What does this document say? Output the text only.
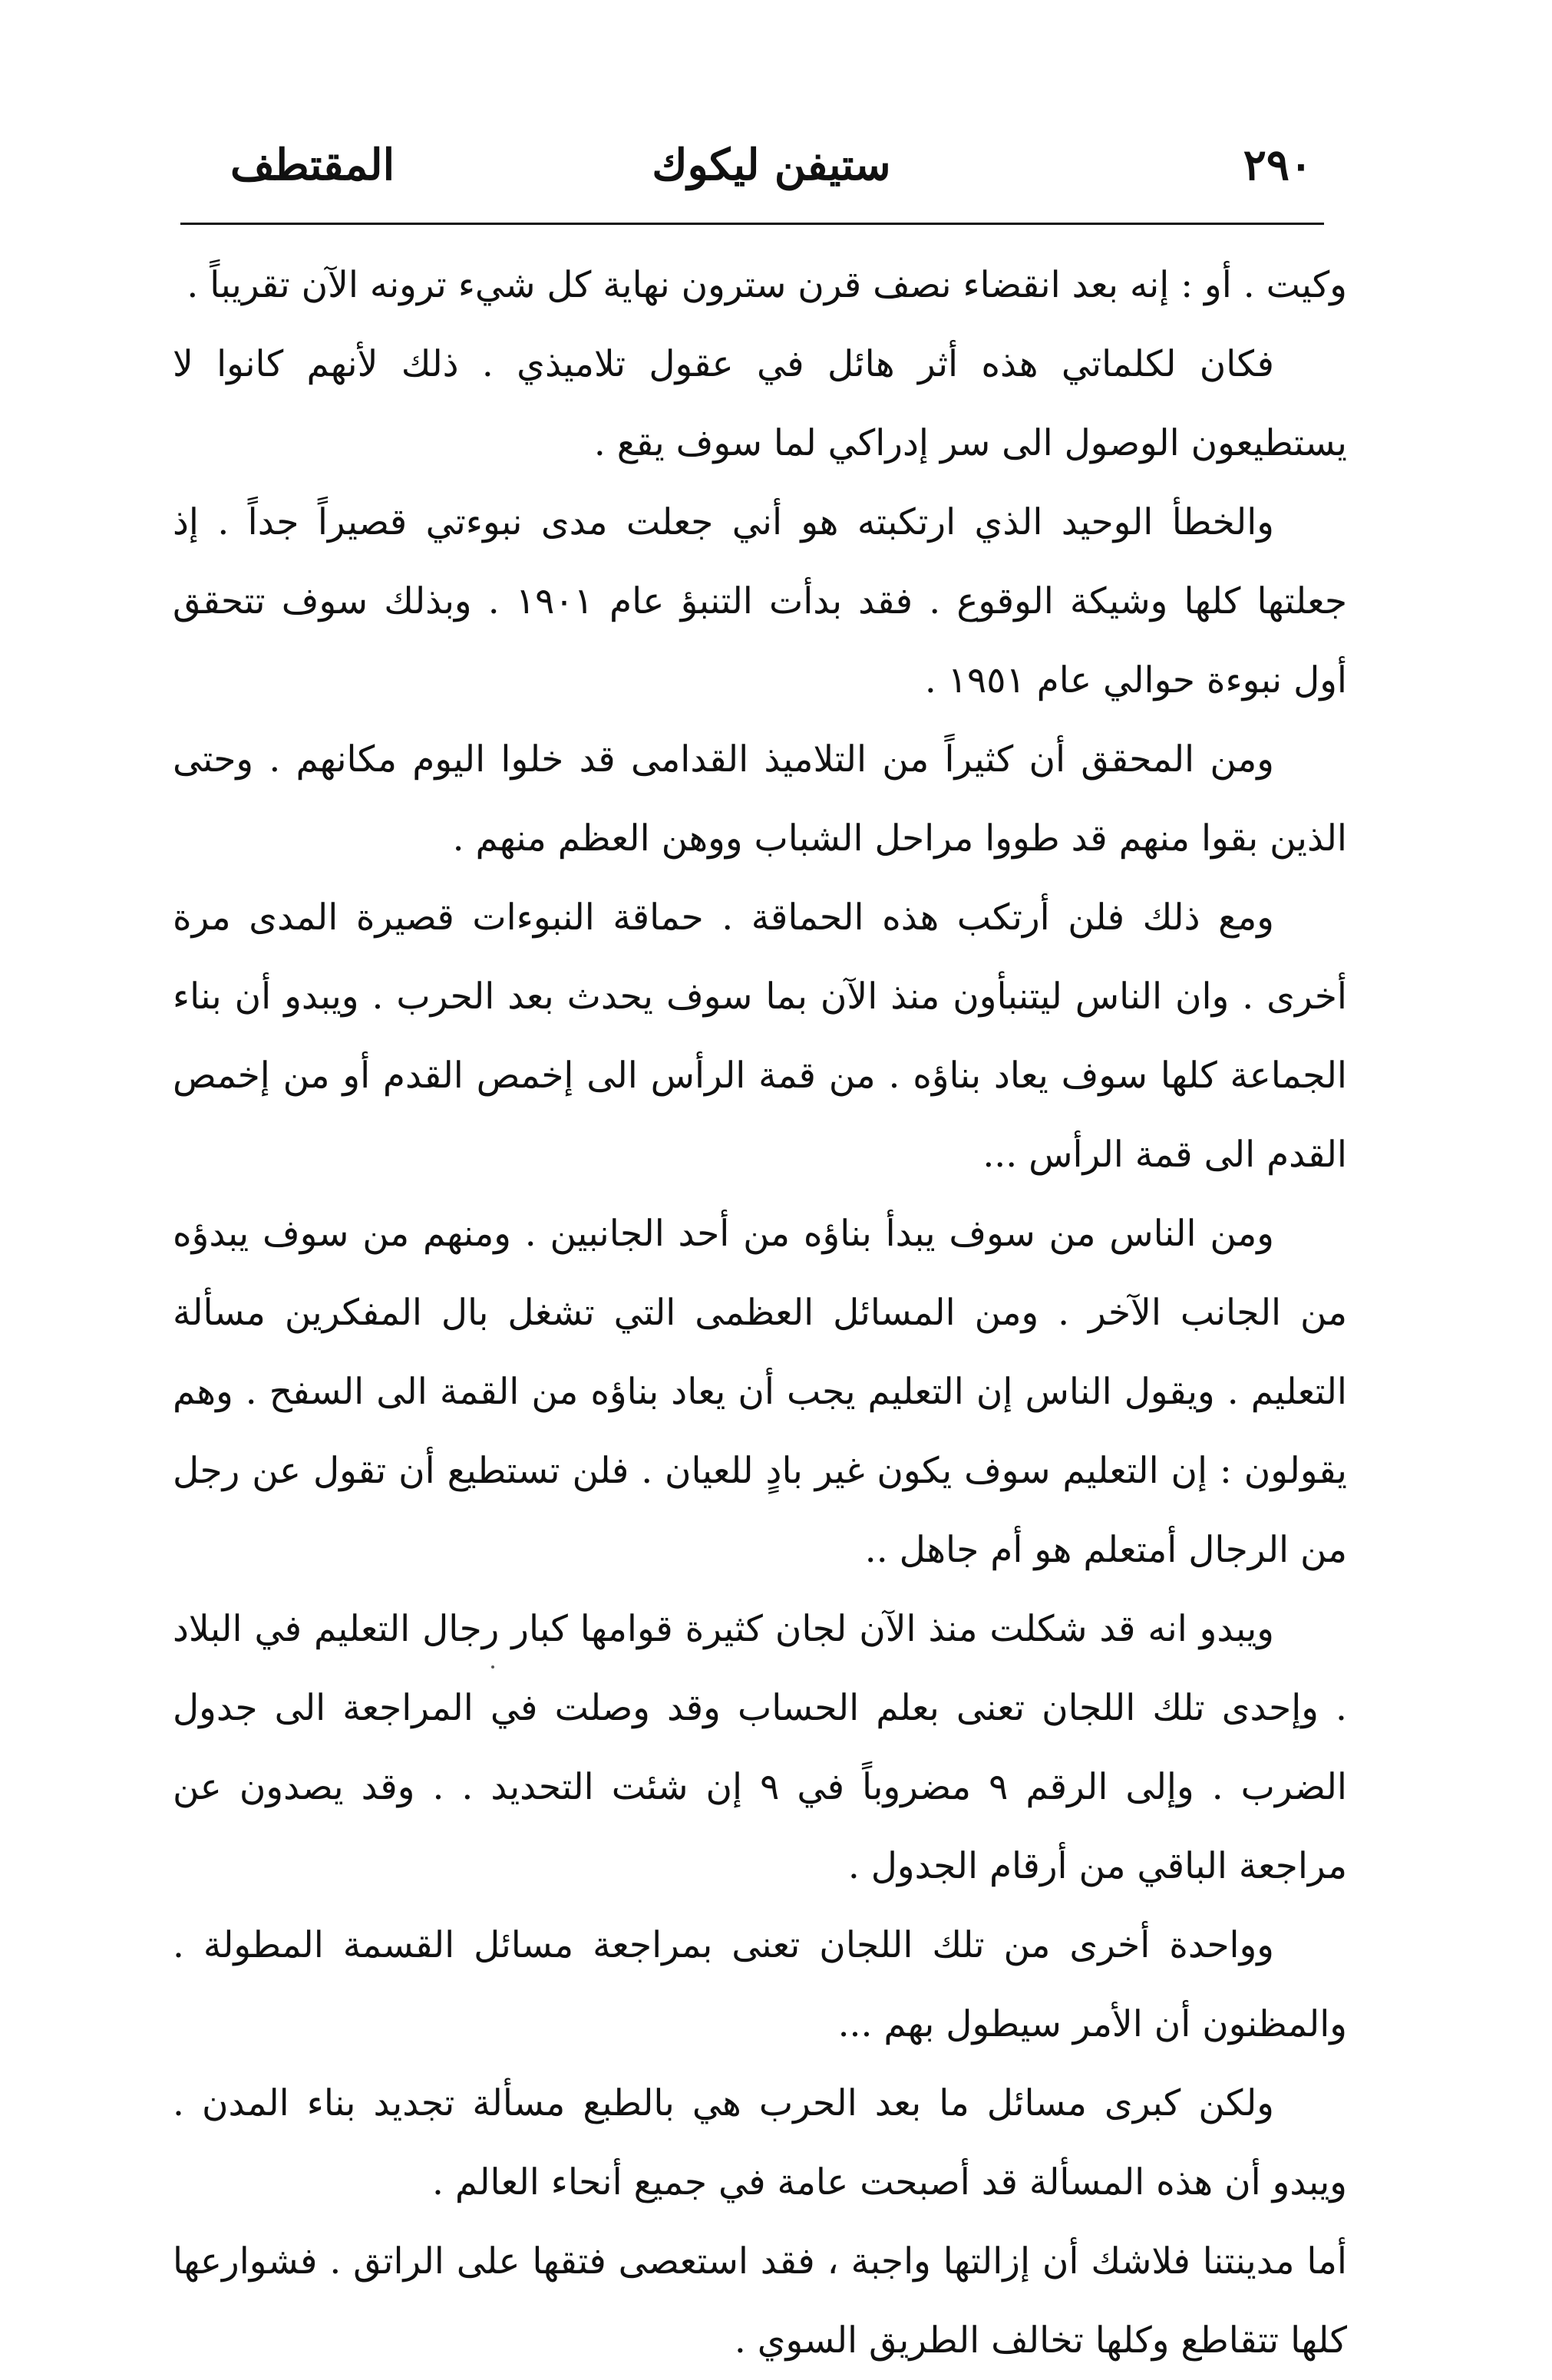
٢٩٠
ستيفن ليكوك
المقتطف

وكيت . أو : إنه بعد انقضاء نصف قرن سترون نهاية كل شيء ترونه الآن تقريباً .

فكان لكلماتي هذه أثر هائل في عقول تلاميذي . ذلك لأنهم كانوا لا يستطيعون الوصول الى سر إدراكي لما سوف يقع .

والخطأ الوحيد الذي ارتكبته هو أني جعلت مدى نبوءتي قصيراً جداً . إذ جعلتها كلها وشيكة الوقوع . فقد بدأت التنبؤ عام ١٩٠١ . وبذلك سوف تتحقق أول نبوءة حوالي عام ١٩٥١ .

ومن المحقق أن كثيراً من التلاميذ القدامى قد خلوا اليوم مكانهم . وحتى الذين بقوا منهم قد طووا مراحل الشباب ووهن العظم منهم .

ومع ذلك فلن أرتكب هذه الحماقة . حماقة النبوءات قصيرة المدى مرة أخرى . وان الناس ليتنبأون منذ الآن بما سوف يحدث بعد الحرب . ويبدو أن بناء الجماعة كلها سوف يعاد بناؤه . من قمة الرأس الى إخمص القدم أو من إخمص القدم الى قمة الرأس ...

ومن الناس من سوف يبدأ بناؤه من أحد الجانبين . ومنهم من سوف يبدؤه من الجانب الآخر . ومن المسائل العظمى التي تشغل بال المفكرين مسألة التعليم . ويقول الناس إن التعليم يجب أن يعاد بناؤه من القمة الى السفح . وهم يقولون : إن التعليم سوف يكون غير بادٍ للعيان . فلن تستطيع أن تقول عن رجل من الرجال أمتعلم هو أم جاهل ..

ويبدو انه قد شكلت منذ الآن لجان كثيرة قوامها كبار رجال التعليم في البلاد . وإحدى تلك اللجان تعنى بعلم الحساب وقد وصلت في المراجعة الى جدول الضرب . وإلى الرقم ٩ مضروباً في ٩ إن شئت التحديد . . وقد يصدون عن مراجعة الباقي من أرقام الجدول .

وواحدة أخرى من تلك اللجان تعنى بمراجعة مسائل القسمة المطولة . والمظنون أن الأمر سيطول بهم ...

ولكن كبرى مسائل ما بعد الحرب هي بالطبع مسألة تجديد بناء المدن . ويبدو أن هذه المسألة قد أصبحت عامة في جميع أنحاء العالم .

أما مدينتنا فلاشك أن إزالتها واجبة ، فقد استعصى فتقها على الراتق . فشوارعها كلها تتقاطع وكلها تخالف الطريق السوي .
